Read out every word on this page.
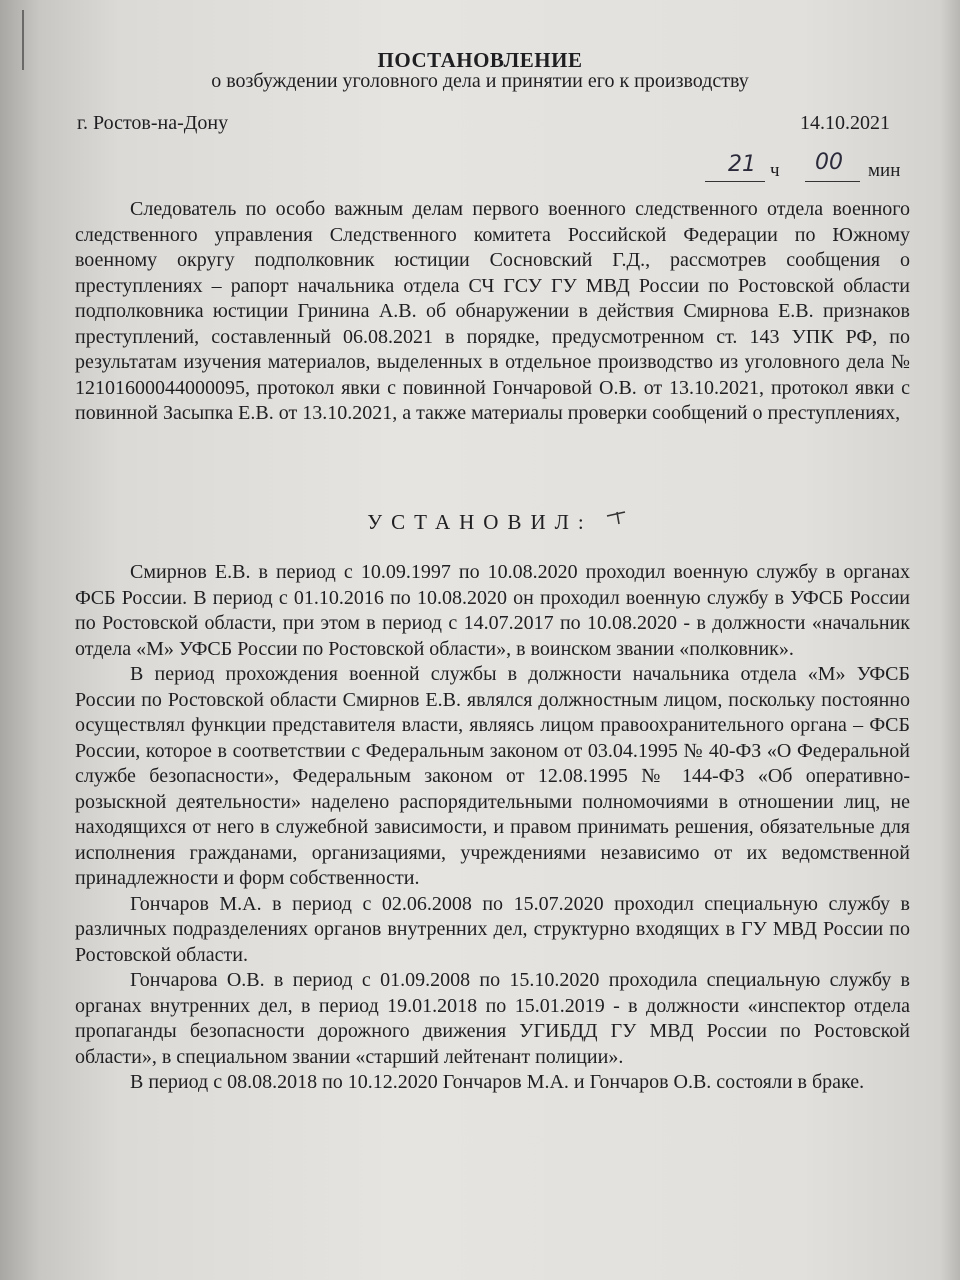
ПОСТАНОВЛЕНИЕ
о возбуждении уголовного дела и принятии его к производству
г. Ростов-на-Дону	14.10.2021
21 ч 00 мин

Следователь по особо важным делам первого военного следственного отдела военного следственного управления Следственного комитета Российской Федерации по Южному военному округу подполковник юстиции Сосновский Г.Д., рассмотрев сообщения о преступлениях – рапорт начальника отдела СЧ ГСУ ГУ МВД России по Ростовской области подполковника юстиции Гринина А.В. об обнаружении в действия Смирнова Е.В. признаков преступлений, составленный 06.08.2021 в порядке, предусмотренном ст. 143 УПК РФ, по результатам изучения материалов, выделенных в отдельное производство из уголовного дела № 12101600044000095, протокол явки с повинной Гончаровой О.В. от 13.10.2021, протокол явки с повинной Засыпка Е.В. от 13.10.2021, а также материалы проверки сообщений о преступлениях,

УСТАНОВИЛ:

Смирнов Е.В. в период с 10.09.1997 по 10.08.2020 проходил военную службу в органах ФСБ России. В период с 01.10.2016 по 10.08.2020 он проходил военную службу в УФСБ России по Ростовской области, при этом в период с 14.07.2017 по 10.08.2020 - в должности «начальник отдела «М» УФСБ России по Ростовской области», в воинском звании «полковник».

В период прохождения военной службы в должности начальника отдела «М» УФСБ России по Ростовской области Смирнов Е.В. являлся должностным лицом, поскольку постоянно осуществлял функции представителя власти, являясь лицом правоохранительного органа – ФСБ России, которое в соответствии с Федеральным законом от 03.04.1995 № 40-ФЗ «О Федеральной службе безопасности», Федеральным законом от 12.08.1995 № 144-ФЗ «Об оперативно-розыскной деятельности» наделено распорядительными полномочиями в отношении лиц, не находящихся от него в служебной зависимости, и правом принимать решения, обязательные для исполнения гражданами, организациями, учреждениями независимо от их ведомственной принадлежности и форм собственности.

Гончаров М.А. в период с 02.06.2008 по 15.07.2020 проходил специальную службу в различных подразделениях органов внутренних дел, структурно входящих в ГУ МВД России по Ростовской области.

Гончарова О.В. в период с 01.09.2008 по 15.10.2020 проходила специальную службу в органах внутренних дел, в период 19.01.2018 по 15.01.2019 - в должности «инспектор отдела пропаганды безопасности дорожного движения УГИБДД ГУ МВД России по Ростовской области», в специальном звании «старший лейтенант полиции».

В период с 08.08.2018 по 10.12.2020 Гончаров М.А. и Гончаров О.В. состояли в браке.
